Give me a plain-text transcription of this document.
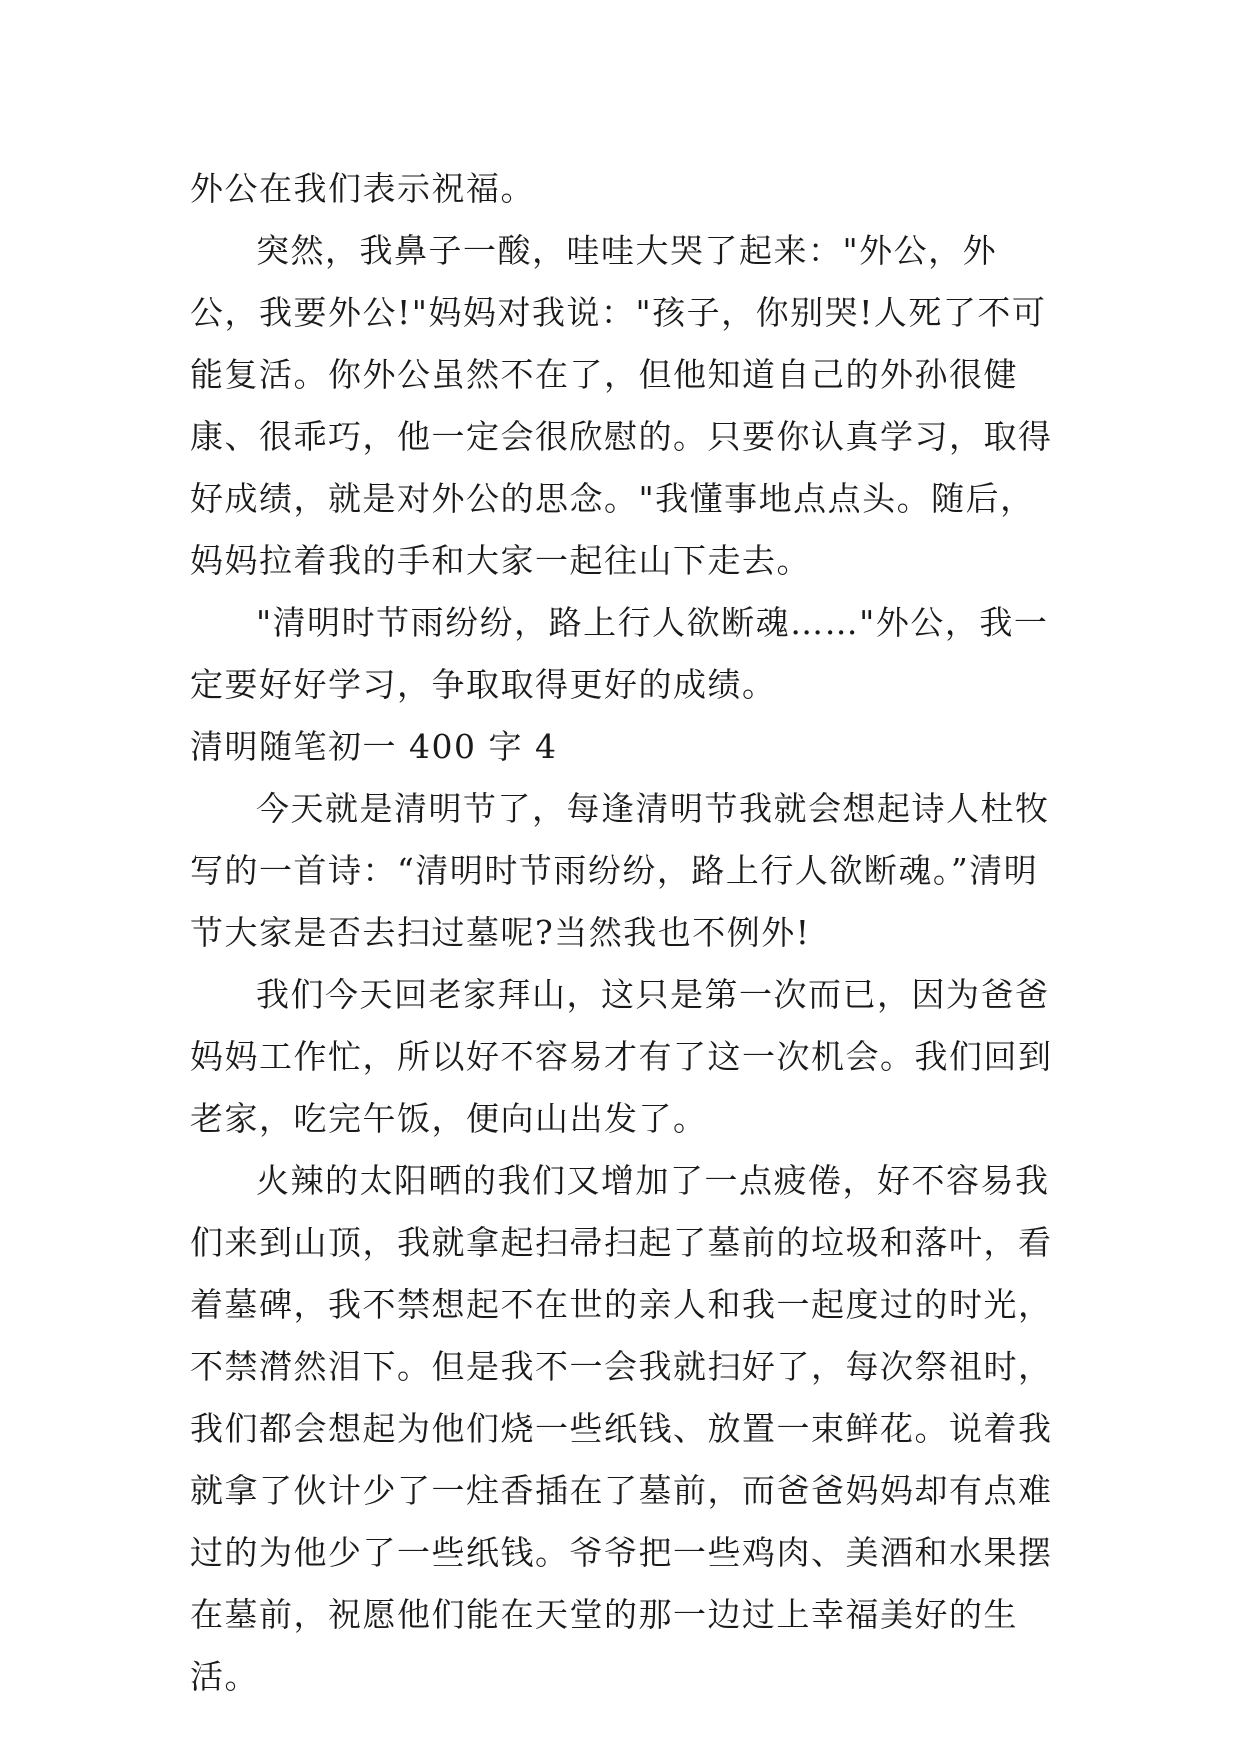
外公在我们表示祝福。

突然，我鼻子一酸，哇哇大哭了起来："外公，外公，我要外公!"妈妈对我说："孩子，你别哭!人死了不可能复活。你外公虽然不在了，但他知道自己的外孙很健康、很乖巧，他一定会很欣慰的。只要你认真学习，取得好成绩，就是对外公的思念。"我懂事地点点头。随后，妈妈拉着我的手和大家一起往山下走去。

"清明时节雨纷纷，路上行人欲断魂……"外公，我一定要好好学习，争取取得更好的成绩。

清明随笔初一 400 字 4

今天就是清明节了，每逢清明节我就会想起诗人杜牧写的一首诗：“清明时节雨纷纷，路上行人欲断魂。”清明节大家是否去扫过墓呢?当然我也不例外!

我们今天回老家拜山，这只是第一次而已，因为爸爸妈妈工作忙，所以好不容易才有了这一次机会。我们回到老家，吃完午饭，便向山出发了。

火辣的太阳晒的我们又增加了一点疲倦，好不容易我们来到山顶，我就拿起扫帚扫起了墓前的垃圾和落叶，看着墓碑，我不禁想起不在世的亲人和我一起度过的时光，不禁潸然泪下。但是我不一会我就扫好了，每次祭祖时，我们都会想起为他们烧一些纸钱、放置一束鲜花。说着我就拿了伙计少了一炷香插在了墓前，而爸爸妈妈却有点难过的为他少了一些纸钱。爷爷把一些鸡肉、美酒和水果摆在墓前，祝愿他们能在天堂的那一边过上幸福美好的生活。
